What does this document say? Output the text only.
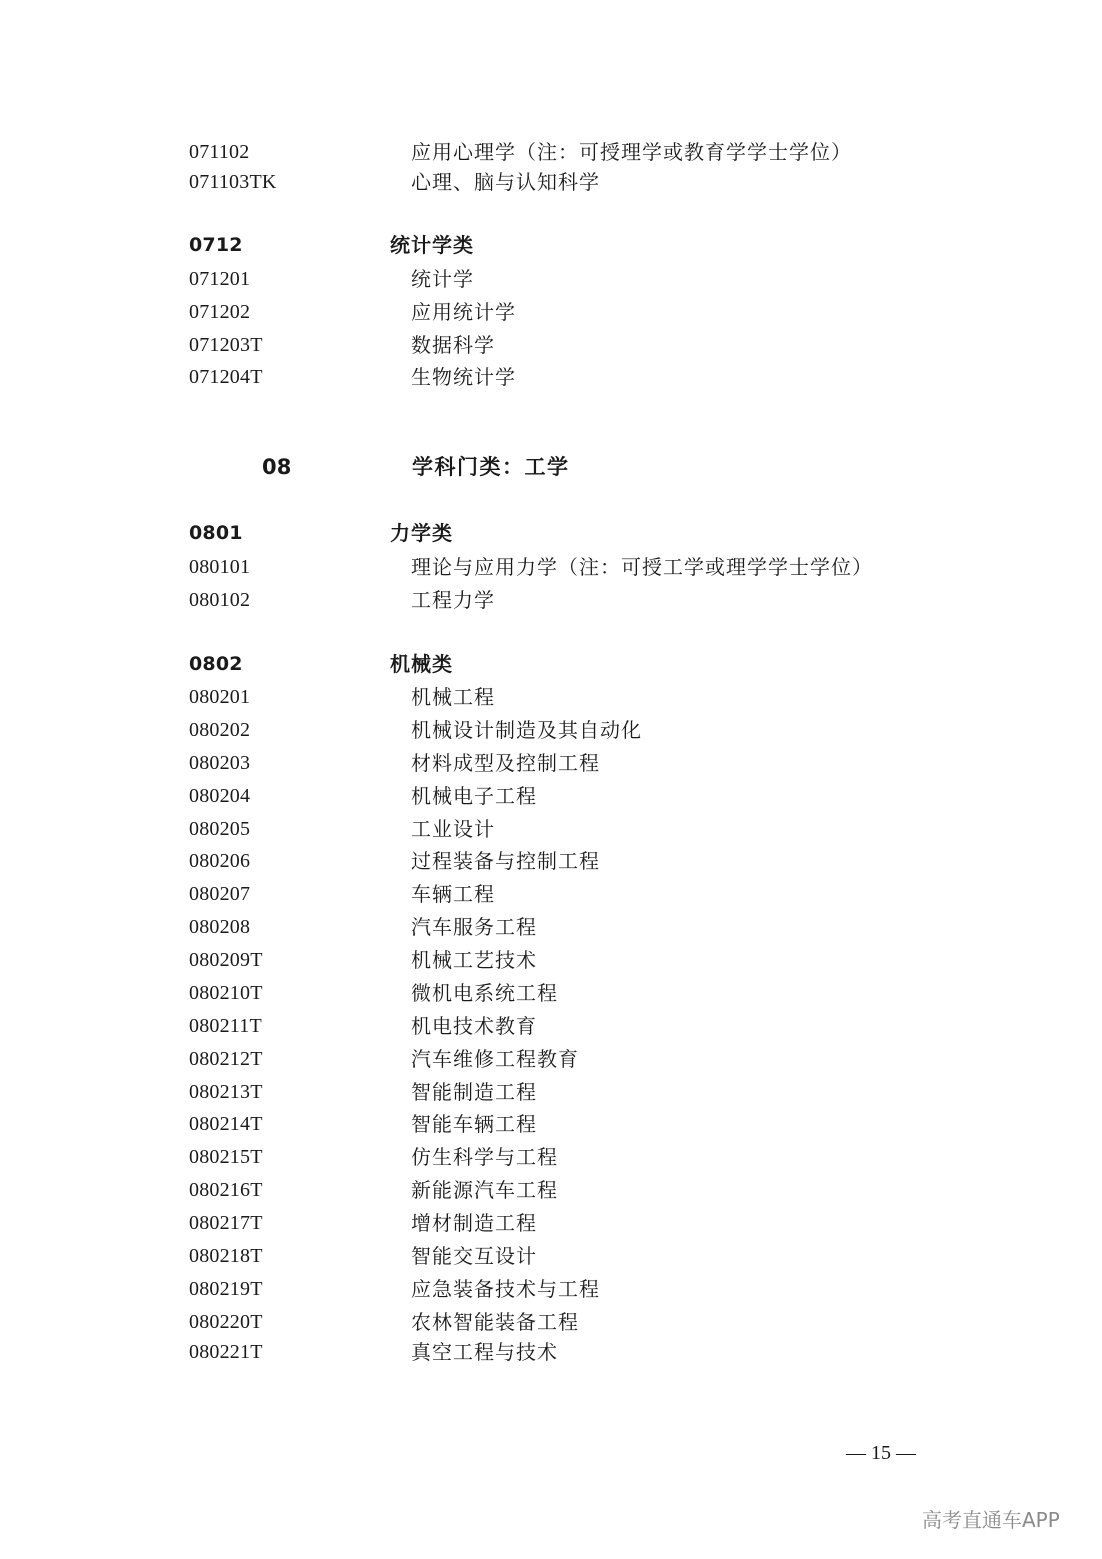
071102	应用心理学（注：可授理学或教育学学士学位）
071103TK	心理、脑与认知科学
0712	统计学类
071201	统计学
071202	应用统计学
071203T	数据科学
071204T	生物统计学
08	学科门类：工学
0801	力学类
080101	理论与应用力学（注：可授工学或理学学士学位）
080102	工程力学
0802	机械类
080201	机械工程
080202	机械设计制造及其自动化
080203	材料成型及控制工程
080204	机械电子工程
080205	工业设计
080206	过程装备与控制工程
080207	车辆工程
080208	汽车服务工程
080209T	机械工艺技术
080210T	微机电系统工程
080211T	机电技术教育
080212T	汽车维修工程教育
080213T	智能制造工程
080214T	智能车辆工程
080215T	仿生科学与工程
080216T	新能源汽车工程
080217T	增材制造工程
080218T	智能交互设计
080219T	应急装备技术与工程
080220T	农林智能装备工程
080221T	真空工程与技术
— 15 —
高考直通车APP
